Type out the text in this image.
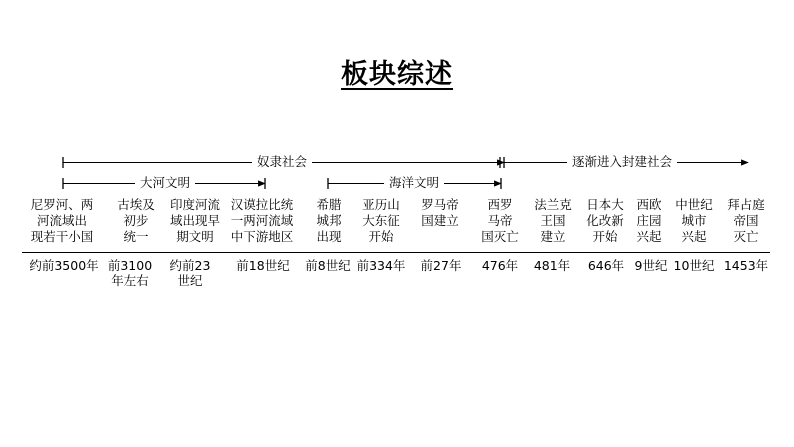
板块综述
奴隶社会
大河文明	海洋文明
逐渐进入封建社会
尼罗河、两
河流域出
现若干小国
古埃及
初步
统一
印度河流
域出现早
期文明
汉谟拉比统
一两河流域
中下游地区
希腊
城邦
出现
亚历山
大东征
开始
罗马帝
国建立
西罗
马帝
国灭亡
法兰克
王国
建立
日本大
化改新
开始
西欧
庄园
兴起
中世纪
城市
兴起
拜占庭
帝国
灭亡
约前3500年 前3100
年左右
约前23
世纪
前18世纪 前8世纪 前334年 前27年 476年 481年 646年 9世纪 10世纪 1453年
